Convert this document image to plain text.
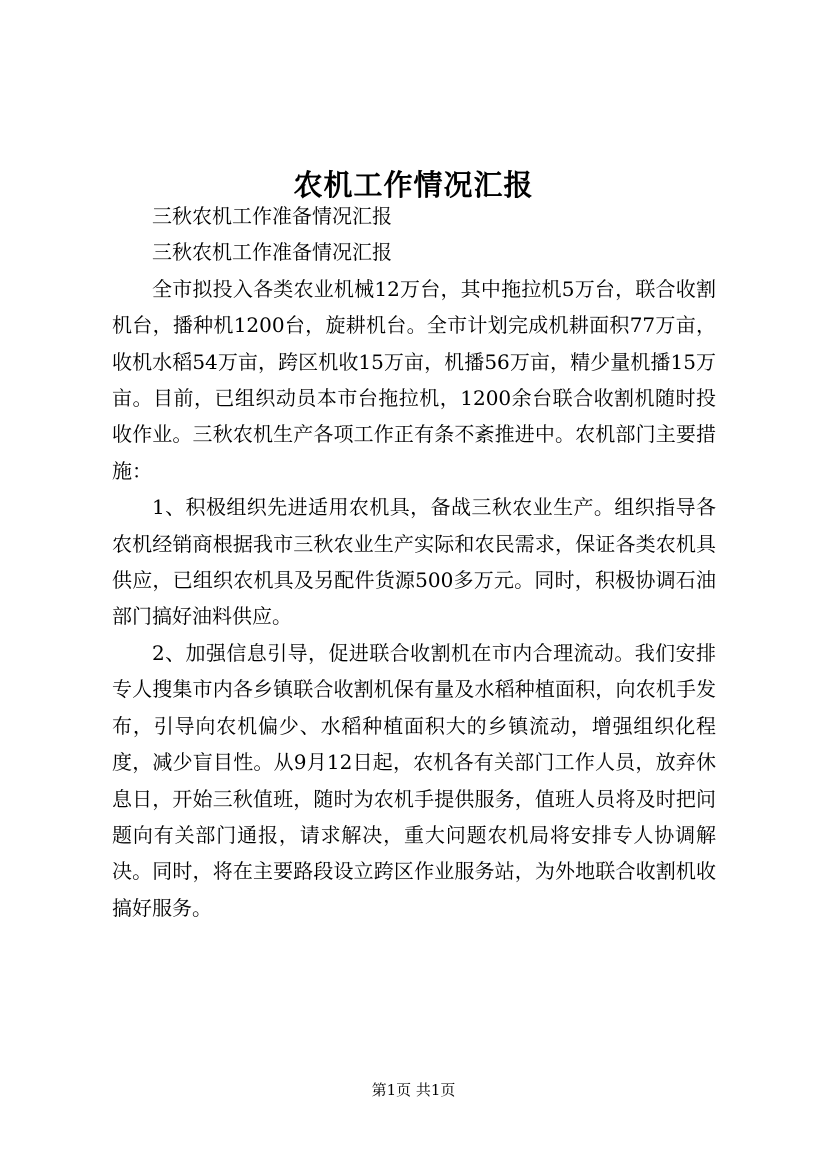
农机工作情况汇报

三秋农机工作准备情况汇报

三秋农机工作准备情况汇报

全市拟投入各类农业机械12万台，其中拖拉机5万台，联合收割机台，播种机1200台，旋耕机台。全市计划完成机耕面积77万亩，收机水稻54万亩，跨区机收15万亩，机播56万亩，精少量机播15万亩。目前，已组织动员本市台拖拉机，1200余台联合收割机随时投收作业。三秋农机生产各项工作正有条不紊推进中。农机部门主要措施：

1、积极组织先进适用农机具，备战三秋农业生产。组织指导各农机经销商根据我市三秋农业生产实际和农民需求，保证各类农机具供应，已组织农机具及另配件货源500多万元。同时，积极协调石油部门搞好油料供应。

2、加强信息引导，促进联合收割机在市内合理流动。我们安排专人搜集市内各乡镇联合收割机保有量及水稻种植面积，向农机手发布，引导向农机偏少、水稻种植面积大的乡镇流动，增强组织化程度，减少盲目性。从9月12日起，农机各有关部门工作人员，放弃休息日，开始三秋值班，随时为农机手提供服务，值班人员将及时把问题向有关部门通报，请求解决，重大问题农机局将安排专人协调解决。同时，将在主要路段设立跨区作业服务站，为外地联合收割机收搞好服务。

第1页 共1页
